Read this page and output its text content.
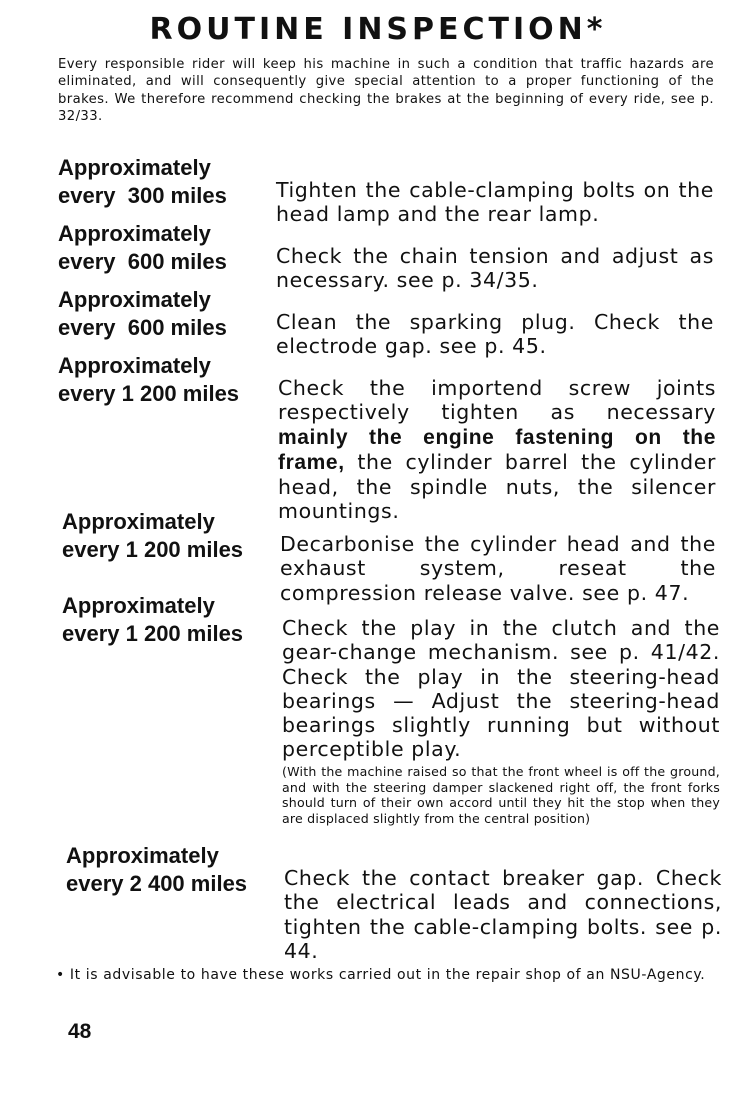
ROUTINE INSPECTION*

Every responsible rider will keep his machine in such a condition that traffic hazards are eliminated, and will consequently give special attention to a proper functioning of the brakes. We therefore recommend checking the brakes at the beginning of every ride, see p. 32/33.

Approximately
every  300 miles Tighten the cable-clamping bolts on the head lamp and the rear lamp.

Approximately
every  600 miles Check the chain tension and adjust as necessary. see p. 34/35.

Approximately
every  600 miles Clean the sparking plug. Check the electrode gap. see p. 45.

Approximately
every 1 200 miles Check the importend screw joints respectively tighten as necessary mainly the engine fastening on the frame, the cylinder barrel the cylinder head, the spindle nuts, the silencer mountings.

Approximately
every 1 200 miles Decarbonise the cylinder head and the exhaust system, reseat the compression release valve. see p. 47.

Approximately
every 1 200 miles Check the play in the clutch and the gear-change mechanism. see p. 41/42. Check the play in the steering-head bearings — Adjust the steering-head bearings slightly running but without perceptible play.
(With the machine raised so that the front wheel is off the ground, and with the steering damper slackened right off, the front forks should turn of their own accord until they hit the stop when they are displaced slightly from the central position)
Approximately
every 2 400 miles Check the contact breaker gap. Check the electrical leads and connections, tighten the cable-clamping bolts. see p. 44.

• It is advisable to have these works carried out in the repair shop of an NSU-Agency.

48
